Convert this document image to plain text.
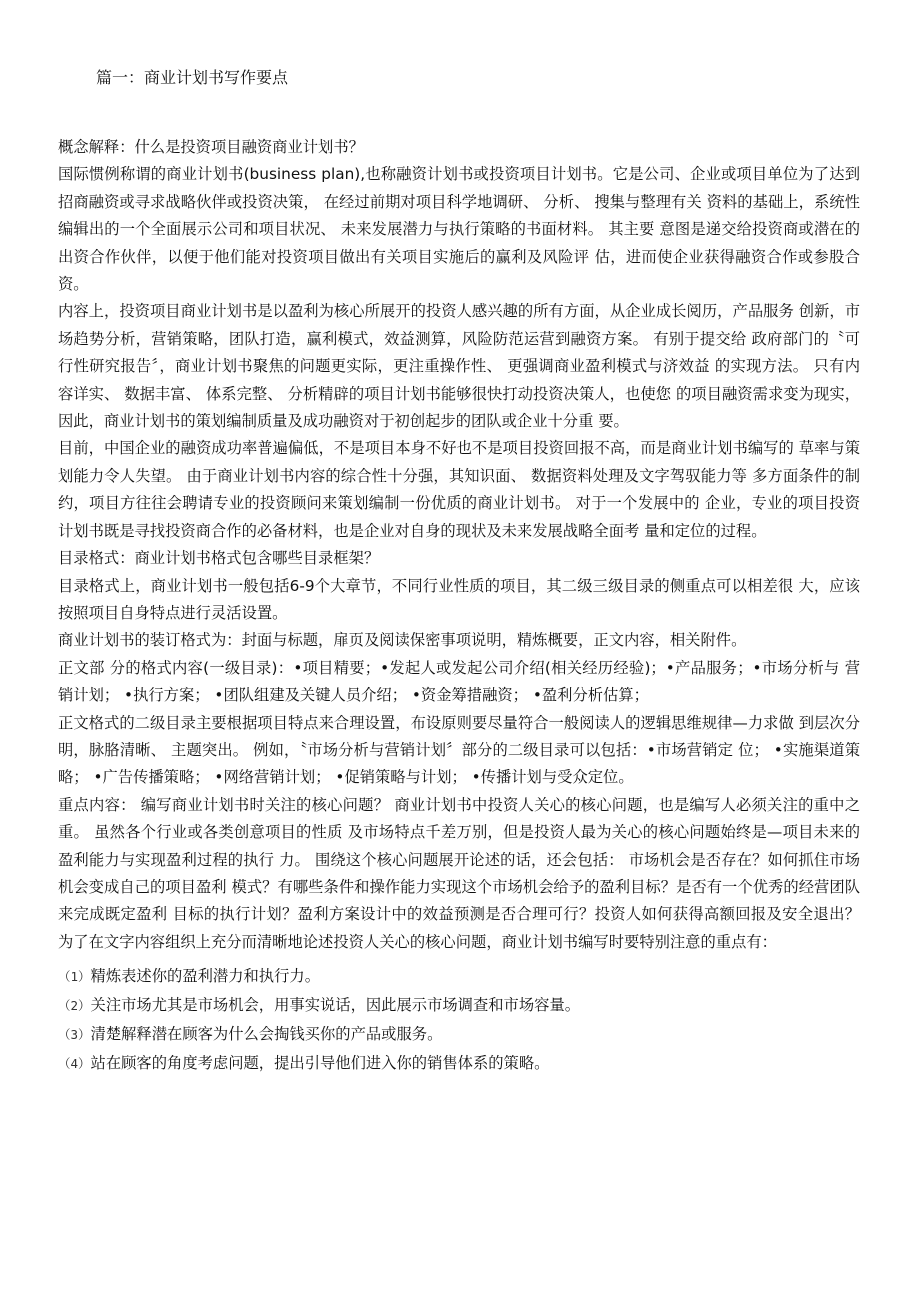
篇一：商业计划书写作要点

概念解释：什么是投资项目融资商业计划书？

国际惯例称谓的商业计划书(business plan),也称融资计划书或投资项目计划书。它是公司、企业或项目单位为了达到招商融资或寻求战略伙伴或投资决策， 在经过前期对项目科学地调研、 分析、 搜集与整理有关 资料的基础上，系统性编辑出的一个全面展示公司和项目状况、 未来发展潜力与执行策略的书面材料。 其主要 意图是递交给投资商或潜在的出资合作伙伴，以便于他们能对投资项目做出有关项目实施后的赢利及风险评 估，进而使企业获得融资合作或参股合资。

内容上，投资项目商业计划书是以盈利为核心所展开的投资人感兴趣的所有方面，从企业成长阅历，产品服务 创新，市场趋势分析，营销策略，团队打造，赢利模式，效益测算，风险防范运营到融资方案。 有别于提交给 政府部门的〝可行性研究报告〞，商业计划书聚焦的问题更实际，更注重操作性、 更强调商业盈利模式与济效益 的实现方法。 只有内容详实、 数据丰富、 体系完整、 分析精辟的项目计划书能够很快打动投资决策人，也使您 的项目融资需求变为现实，因此，商业计划书的策划编制质量及成功融资对于初创起步的团队或企业十分重 要。

目前，中国企业的融资成功率普遍偏低，不是项目本身不好也不是项目投资回报不高，而是商业计划书编写的 草率与策划能力令人失望。 由于商业计划书内容的综合性十分强，其知识面、 数据资料处理及文字驾驭能力等 多方面条件的制约，项目方往往会聘请专业的投资顾问来策划编制一份优质的商业计划书。 对于一个发展中的 企业，专业的项目投资计划书既是寻找投资商合作的必备材料，也是企业对自身的现状及未来发展战略全面考 量和定位的过程。

目录格式：商业计划书格式包含哪些目录框架？

目录格式上，商业计划书一般包括6-9个大章节，不同行业性质的项目，其二级三级目录的侧重点可以相差很 大，应该按照项目自身特点进行灵活设置。

商业计划书的装订格式为：封面与标题，扉页及阅读保密事项说明，精炼概要，正文内容，相关附件。

正文部 分的格式内容(一级目录)：•项目精要；•发起人或发起公司介绍(相关经历经验)；•产品服务；•市场分析与 营销计划； •执行方案； •团队组建及关键人员介绍； •资金筹措融资； •盈利分析估算；

正文格式的二级目录主要根据项目特点来合理设置，布设原则要尽量符合一般阅读人的逻辑思维规律—力求做 到层次分明，脉胳清晰、 主题突出。 例如，〝市场分析与营销计划〞部分的二级目录可以包括：•市场营销定 位； •实施渠道策略； •广告传播策略； •网络营销计划； •促销策略与计划； •传播计划与受众定位。

重点内容： 编写商业计划书时关注的核心问题？ 商业计划书中投资人关心的核心问题，也是编写人必须关注的重中之重。 虽然各个行业或各类创意项目的性质 及市场特点千差万别，但是投资人最为关心的核心问题始终是—项目未来的盈利能力与实现盈利过程的执行 力。 围绕这个核心问题展开论述的话，还会包括： 市场机会是否存在？如何抓住市场机会变成自己的项目盈利 模式？有哪些条件和操作能力实现这个市场机会给予的盈利目标？是否有一个优秀的经营团队来完成既定盈利 目标的执行计划？盈利方案设计中的效益预测是否合理可行？投资人如何获得高额回报及安全退出？ 为了在文字内容组织上充分而清晰地论述投资人关心的核心问题，商业计划书编写时要特别注意的重点有：

（1）精炼表述你的盈利潜力和执行力。

（2）关注市场尤其是市场机会，用事实说话，因此展示市场调查和市场容量。

（3）清楚解释潜在顾客为什么会掏钱买你的产品或服务。

（4）站在顾客的角度考虑问题，提出引导他们进入你的销售体系的策略。
